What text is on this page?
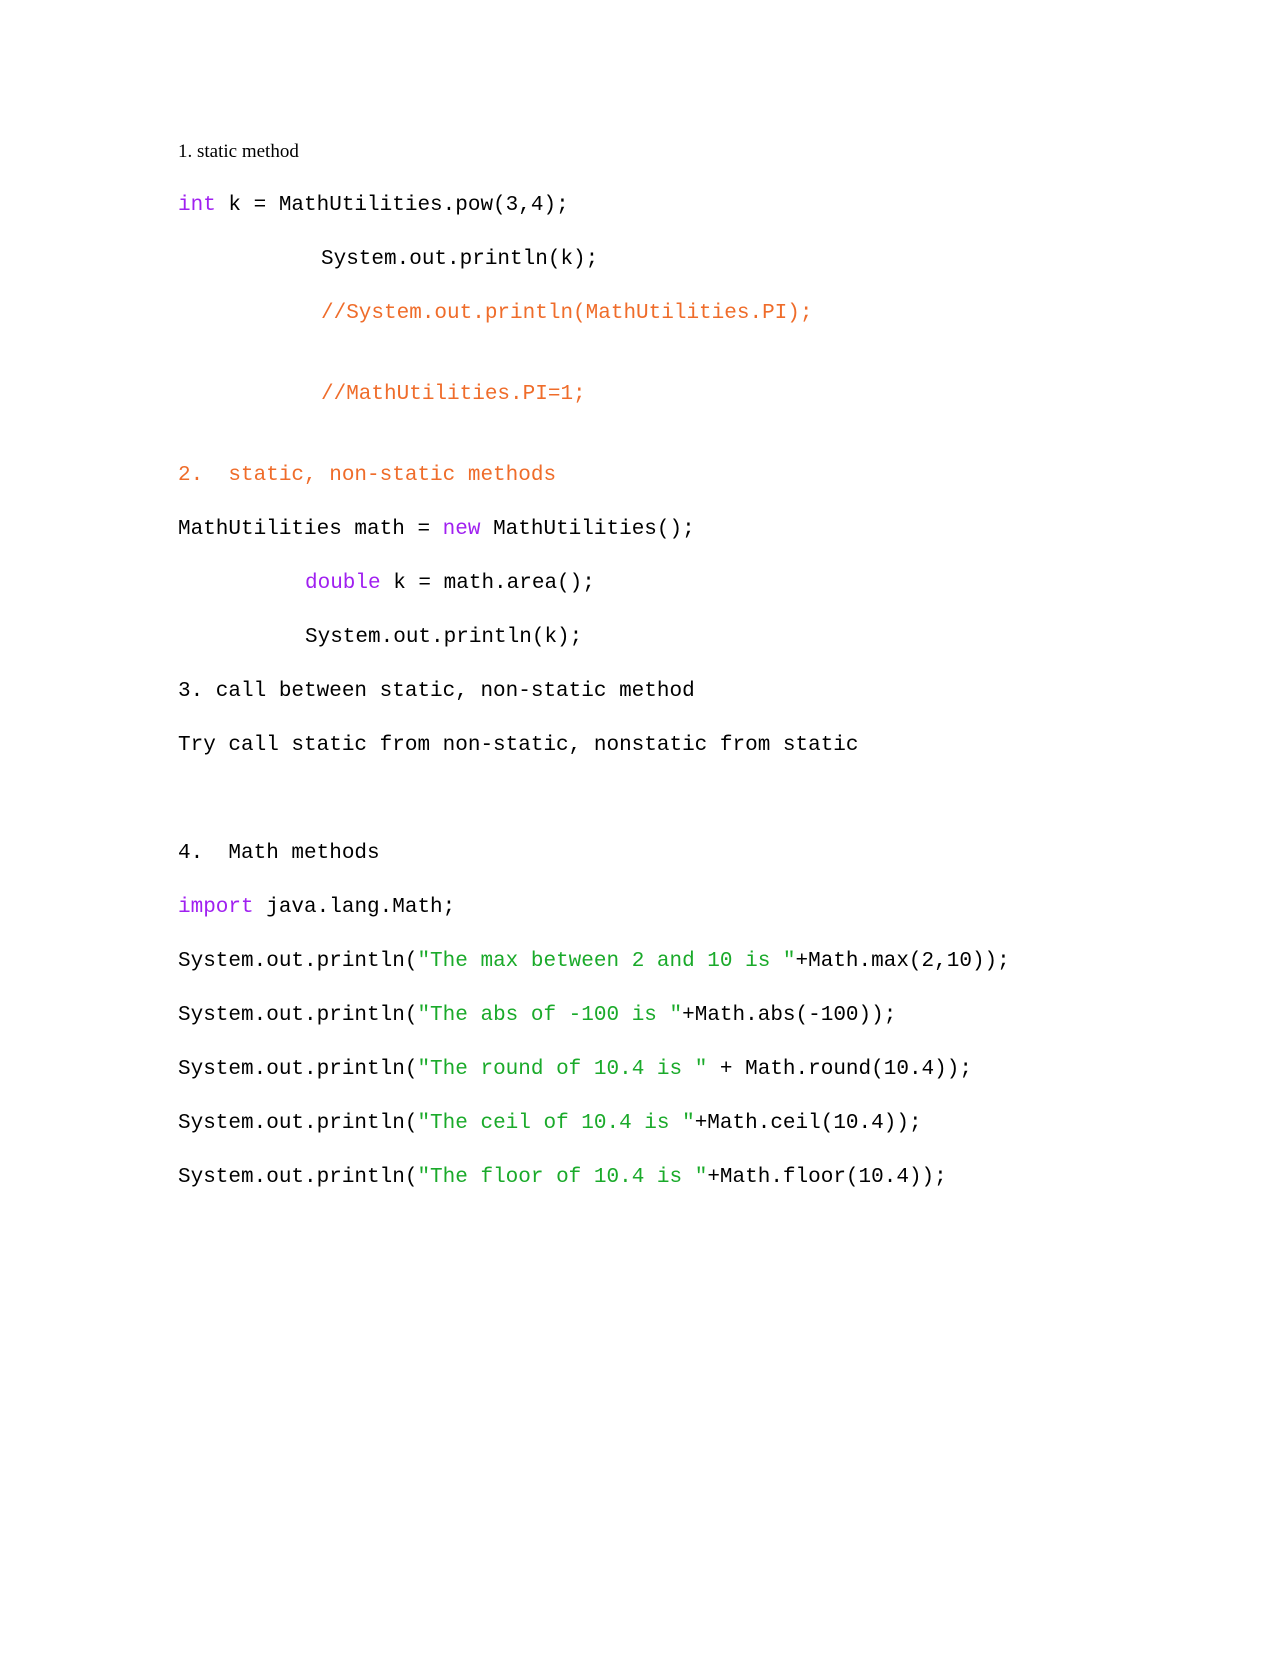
1. static method

int k = MathUtilities.pow(3,4);

System.out.println(k);

//System.out.println(MathUtilities.PI);

//MathUtilities.PI=1;

2.  static, non-static methods

MathUtilities math = new MathUtilities();

double k = math.area();

System.out.println(k);

3. call between static, non-static method

Try call static from non-static, nonstatic from static

4.  Math methods

import java.lang.Math;

System.out.println("The max between 2 and 10 is "+Math.max(2,10));

System.out.println("The abs of -100 is "+Math.abs(-100));

System.out.println("The round of 10.4 is " + Math.round(10.4));

System.out.println("The ceil of 10.4 is "+Math.ceil(10.4));

System.out.println("The floor of 10.4 is "+Math.floor(10.4));
